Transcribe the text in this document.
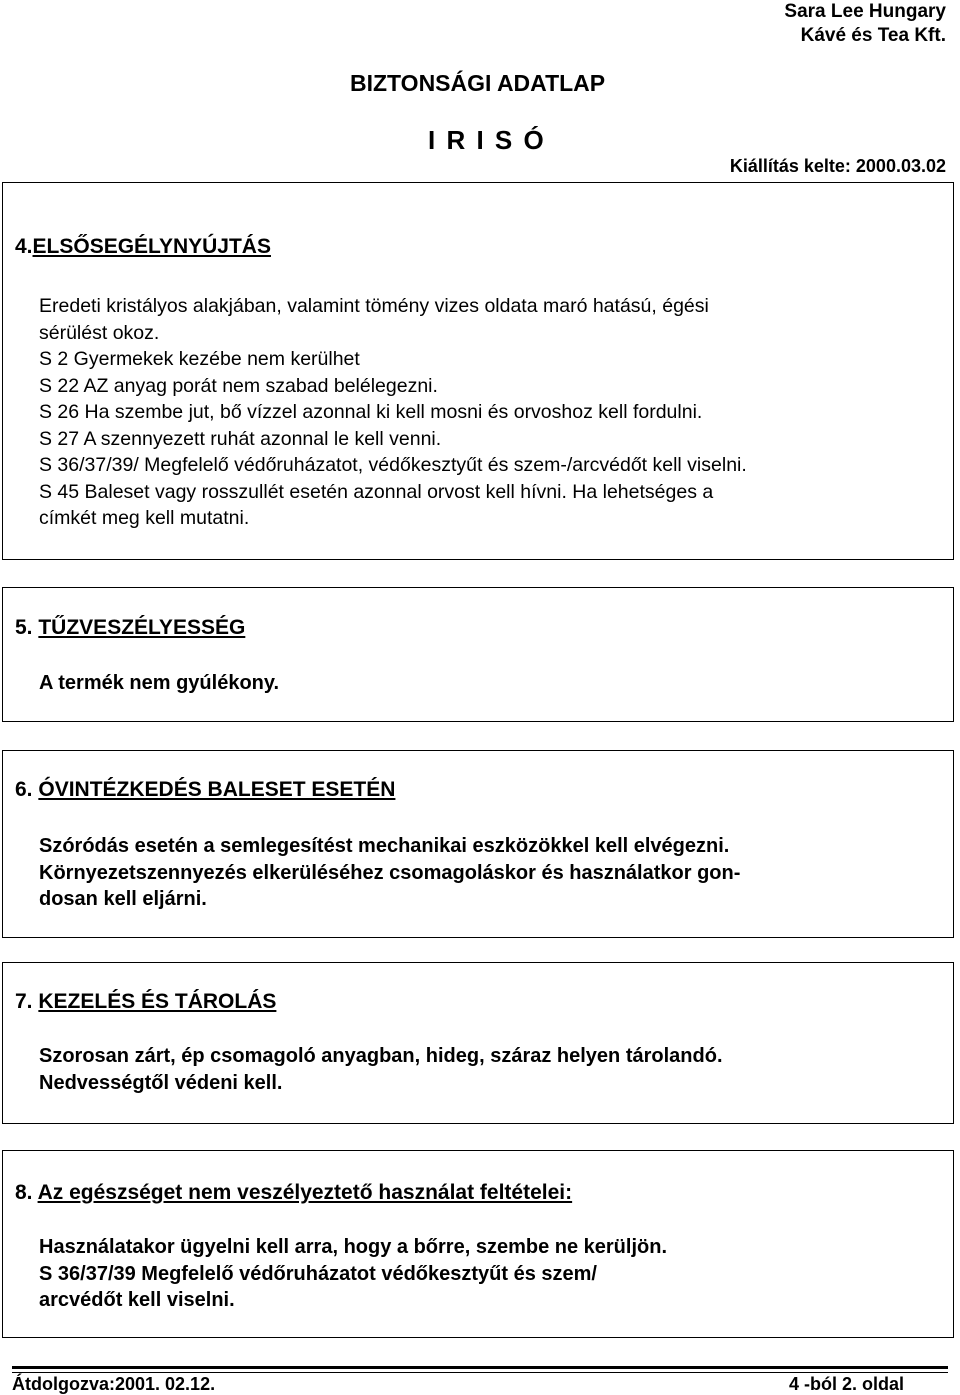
Sara Lee Hungary
Kávé és Tea Kft.
BIZTONSÁGI ADATLAP
I R I S Ó
Kiállítás kelte: 2000.03.02
4.ELSŐSEGÉLYNYÚJTÁS
Eredeti kristályos alakjában, valamint tömény vizes oldata maró hatású, égési
sérülést okoz.
S 2 Gyermekek kezébe nem kerülhet
S 22 AZ anyag porát nem szabad belélegezni.
S 26 Ha szembe jut, bő vízzel azonnal ki kell mosni és orvoshoz kell fordulni.
S 27 A szennyezett ruhát azonnal le kell venni.
S 36/37/39/ Megfelelő védőruházatot, védőkesztyűt és szem-/arcvédőt kell viselni.
S 45 Baleset vagy rosszullét esetén azonnal orvost kell hívni. Ha lehetséges a
címkét meg kell mutatni.
5. TŰZVESZÉLYESSÉG
A termék nem gyúlékony.
6. ÓVINTÉZKEDÉS BALESET ESETÉN
Szóródás esetén a semlegesítést mechanikai eszközökkel kell elvégezni.
Környezetszennyezés elkerüléséhez csomagoláskor és használatkor gon-
dosan kell eljárni.
7. KEZELÉS ÉS TÁROLÁS
Szorosan zárt, ép csomagoló anyagban, hideg, száraz helyen tárolandó.
Nedvességtől védeni kell.
8. Az egészséget nem veszélyeztető használat feltételei:
Használatakor ügyelni kell arra, hogy a bőrre, szembe ne kerüljön.
S 36/37/39 Megfelelő védőruházatot védőkesztyűt és szem/
arcvédőt kell viselni.
Átdolgozva:2001. 02.12.	4 -ból 2. oldal
